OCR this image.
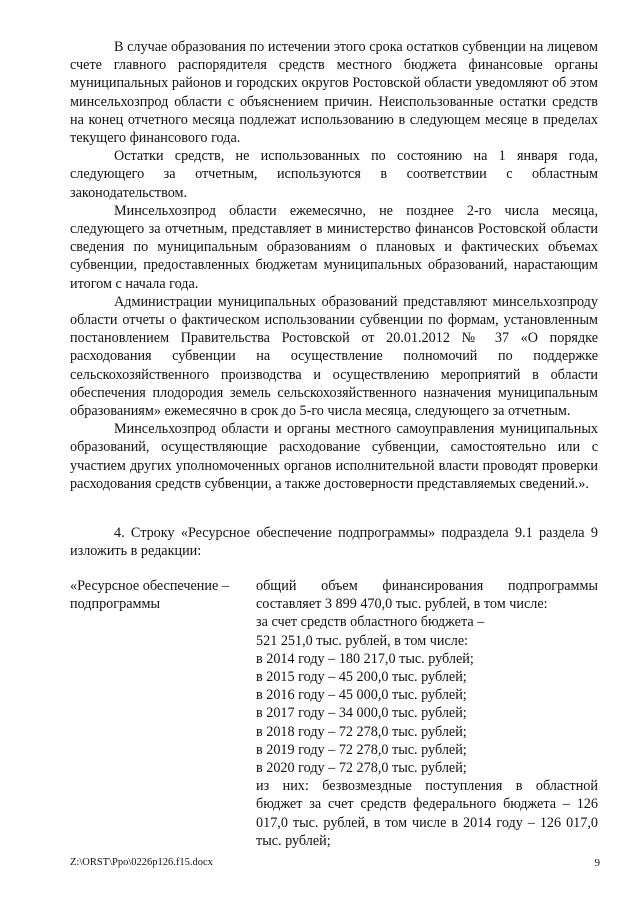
В случае образования по истечении этого срока остатков субвенции на лицевом счете главного распорядителя средств местного бюджета финансовые органы муниципальных районов и городских округов Ростовской области уведомляют об этом минсельхозпрод области с объяснением причин. Неиспользованные остатки средств на конец отчетного месяца подлежат использованию в следующем месяце в пределах текущего финансового года.

Остатки средств, не использованных по состоянию на 1 января года, следующего за отчетным, используются в соответствии с областным законодательством.

Минсельхозпрод области ежемесячно, не позднее 2-го числа месяца, следующего за отчетным, представляет в министерство финансов Ростовской области сведения по муниципальным образованиям о плановых и фактических объемах субвенции, предоставленных бюджетам муниципальных образований, нарастающим итогом с начала года.

Администрации муниципальных образований представляют минсельхозпроду области отчеты о фактическом использовании субвенции по формам, установленным постановлением Правительства Ростовской от 20.01.2012 № 37 «О порядке расходования субвенции на осуществление полномочий по поддержке сельскохозяйственного производства и осуществлению мероприятий в области обеспечения плодородия земель сельскохозяйственного назначения муниципальным образованиям» ежемесячно в срок до 5-го числа месяца, следующего за отчетным.

Минсельхозпрод области и органы местного самоуправления муниципальных образований, осуществляющие расходование субвенции, самостоятельно или с участием других уполномоченных органов исполнительной власти проводят проверки расходования средств субвенции, а также достоверности представляемых сведений.».

4. Строку «Ресурсное обеспечение подпрограммы» подраздела 9.1 раздела 9 изложить в редакции:

«Ресурсное обеспечение – подпрограммы

общий объем финансирования подпрограммы составляет 3 899 470,0 тыс. рублей, в том числе:

за счет средств областного бюджета –

521 251,0 тыс. рублей, в том числе:

в 2014 году – 180 217,0 тыс. рублей;

в 2015 году – 45 200,0 тыс. рублей;

в 2016 году – 45 000,0 тыс. рублей;

в 2017 году – 34 000,0 тыс. рублей;

в 2018 году – 72 278,0 тыс. рублей;

в 2019 году – 72 278,0 тыс. рублей;

в 2020 году – 72 278,0 тыс. рублей;

из них: безвозмездные поступления в областной бюджет за счет средств федерального бюджета – 126 017,0 тыс. рублей, в том числе в 2014 году – 126 017,0 тыс. рублей;

Z:\ORST\Ppo\0226p126.f15.docx	9
